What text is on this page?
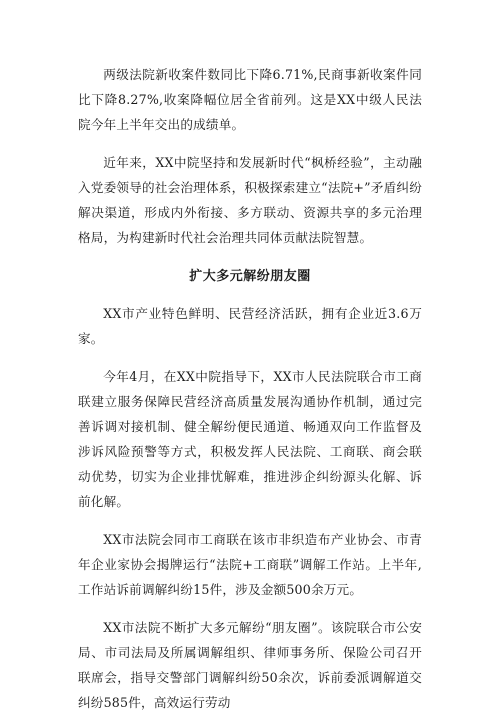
两级法院新收案件数同比下降6.71%,民商事新收案件同比下降8.27%,收案降幅位居全省前列。这是XX中级人民法院今年上半年交出的成绩单。

近年来，XX中院坚持和发展新时代“枫桥经验”，主动融入党委领导的社会治理体系，积极探索建立“法院+”矛盾纠纷解决渠道，形成内外衔接、多方联动、资源共享的多元治理格局，为构建新时代社会治理共同体贡献法院智慧。

扩大多元解纷朋友圈

XX市产业特色鲜明、民营经济活跃，拥有企业近3.6万家。

今年4月，在XX中院指导下，XX市人民法院联合市工商联建立服务保障民营经济高质量发展沟通协作机制，通过完善诉调对接机制、健全解纷便民通道、畅通双向工作监督及涉诉风险预警等方式，积极发挥人民法院、工商联、商会联动优势，切实为企业排忧解难，推进涉企纠纷源头化解、诉前化解。

XX市法院会同市工商联在该市非织造布产业协会、市青年企业家协会揭牌运行“法院+工商联”调解工作站。上半年,工作站诉前调解纠纷15件，涉及金额500余万元。

XX市法院不断扩大多元解纷“朋友圈”。该院联合市公安局、市司法局及所属调解组织、律师事务所、保险公司召开联席会，指导交警部门调解纠纷50余次，诉前委派调解道交纠纷585件，高效运行劳动
